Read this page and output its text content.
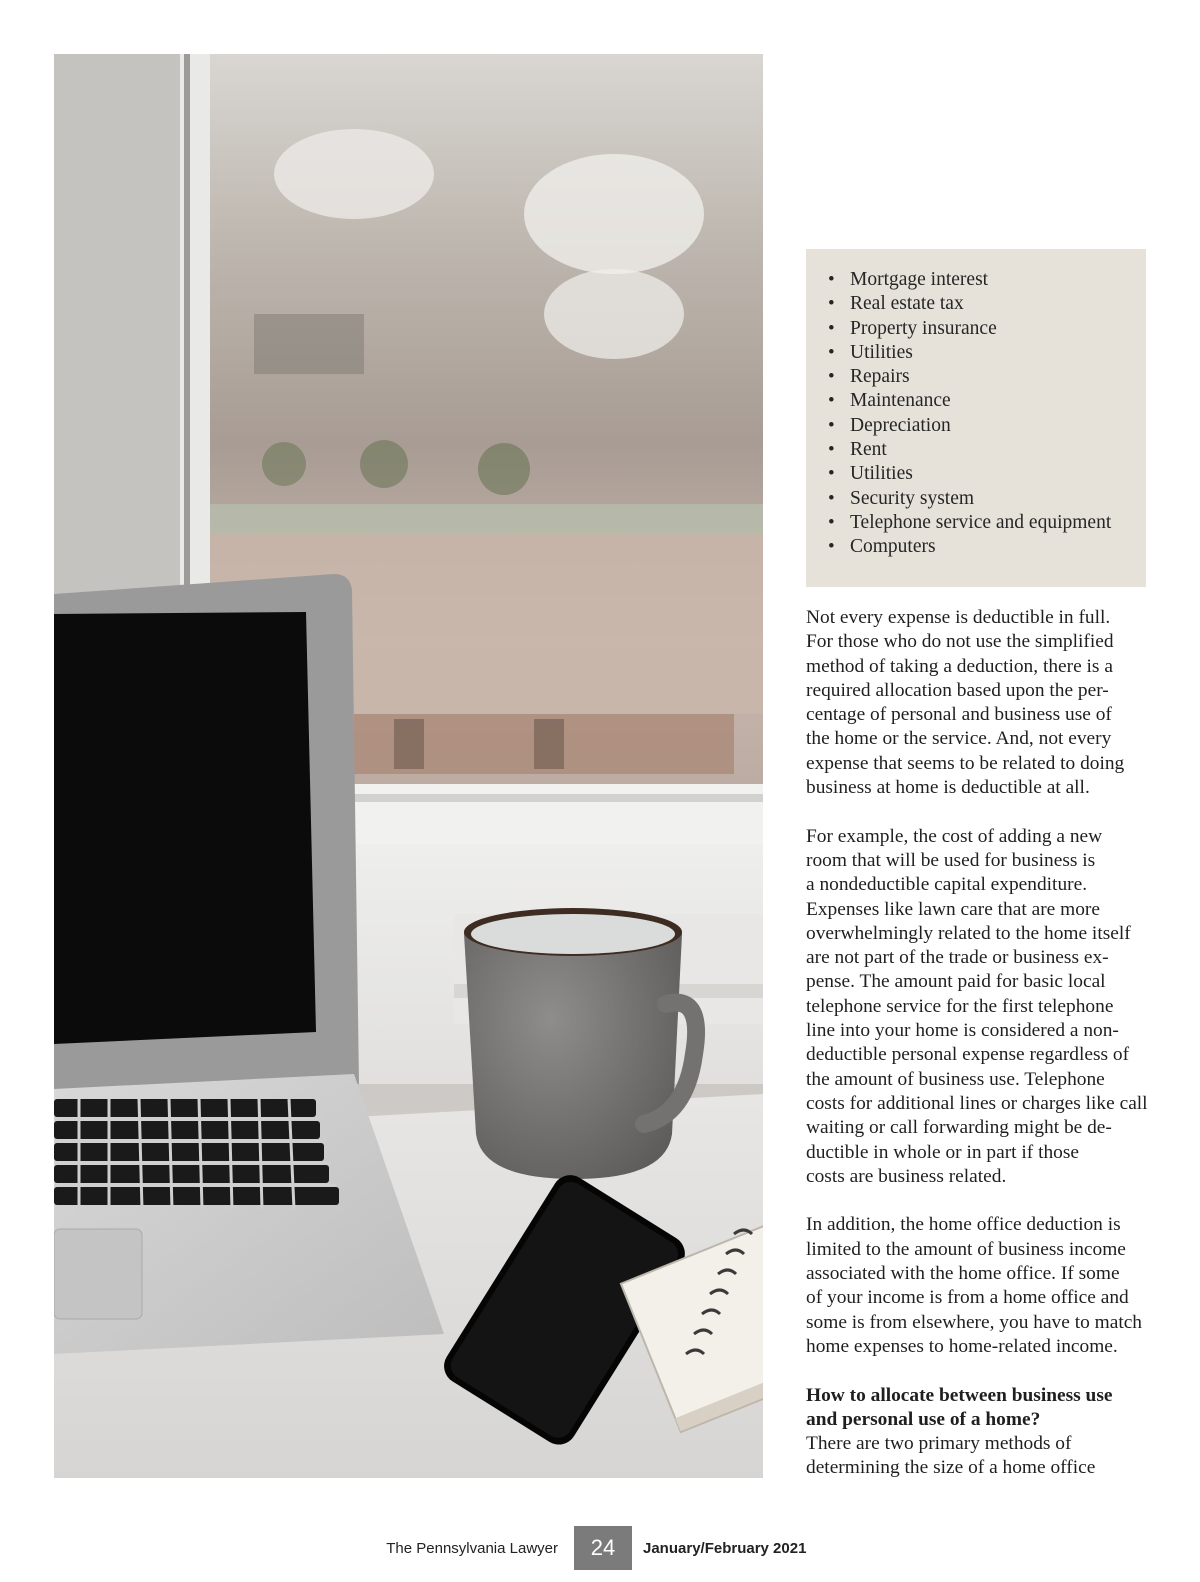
• Mortgage interest
• Real estate tax
• Property insurance
• Utilities
• Repairs
• Maintenance
• Depreciation
• Rent
• Utilities
• Security system
• Telephone service and equipment
• Computers

Not every expense is deductible in full.
For those who do not use the simplified
method of taking a deduction, there is a
required allocation based upon the per-
centage of personal and business use of
the home or the service. And, not every
expense that seems to be related to doing
business at home is deductible at all.

For example, the cost of adding a new
room that will be used for business is
a nondeductible capital expenditure.
Expenses like lawn care that are more
overwhelmingly related to the home itself
are not part of the trade or business ex-
pense. The amount paid for basic local
telephone service for the first telephone
line into your home is considered a non-
deductible personal expense regardless of
the amount of business use. Telephone
costs for additional lines or charges like call
waiting or call forwarding might be de-
ductible in whole or in part if those
costs are business related.

In addition, the home office deduction is
limited to the amount of business income
associated with the home office. If some
of your income is from a home office and
some is from elsewhere, you have to match
home expenses to home-related income.

How to allocate between business use
and personal use of a home?

There are two primary methods of
determining the size of a home office

The Pennsylvania Lawyer	24	January/February 2021
